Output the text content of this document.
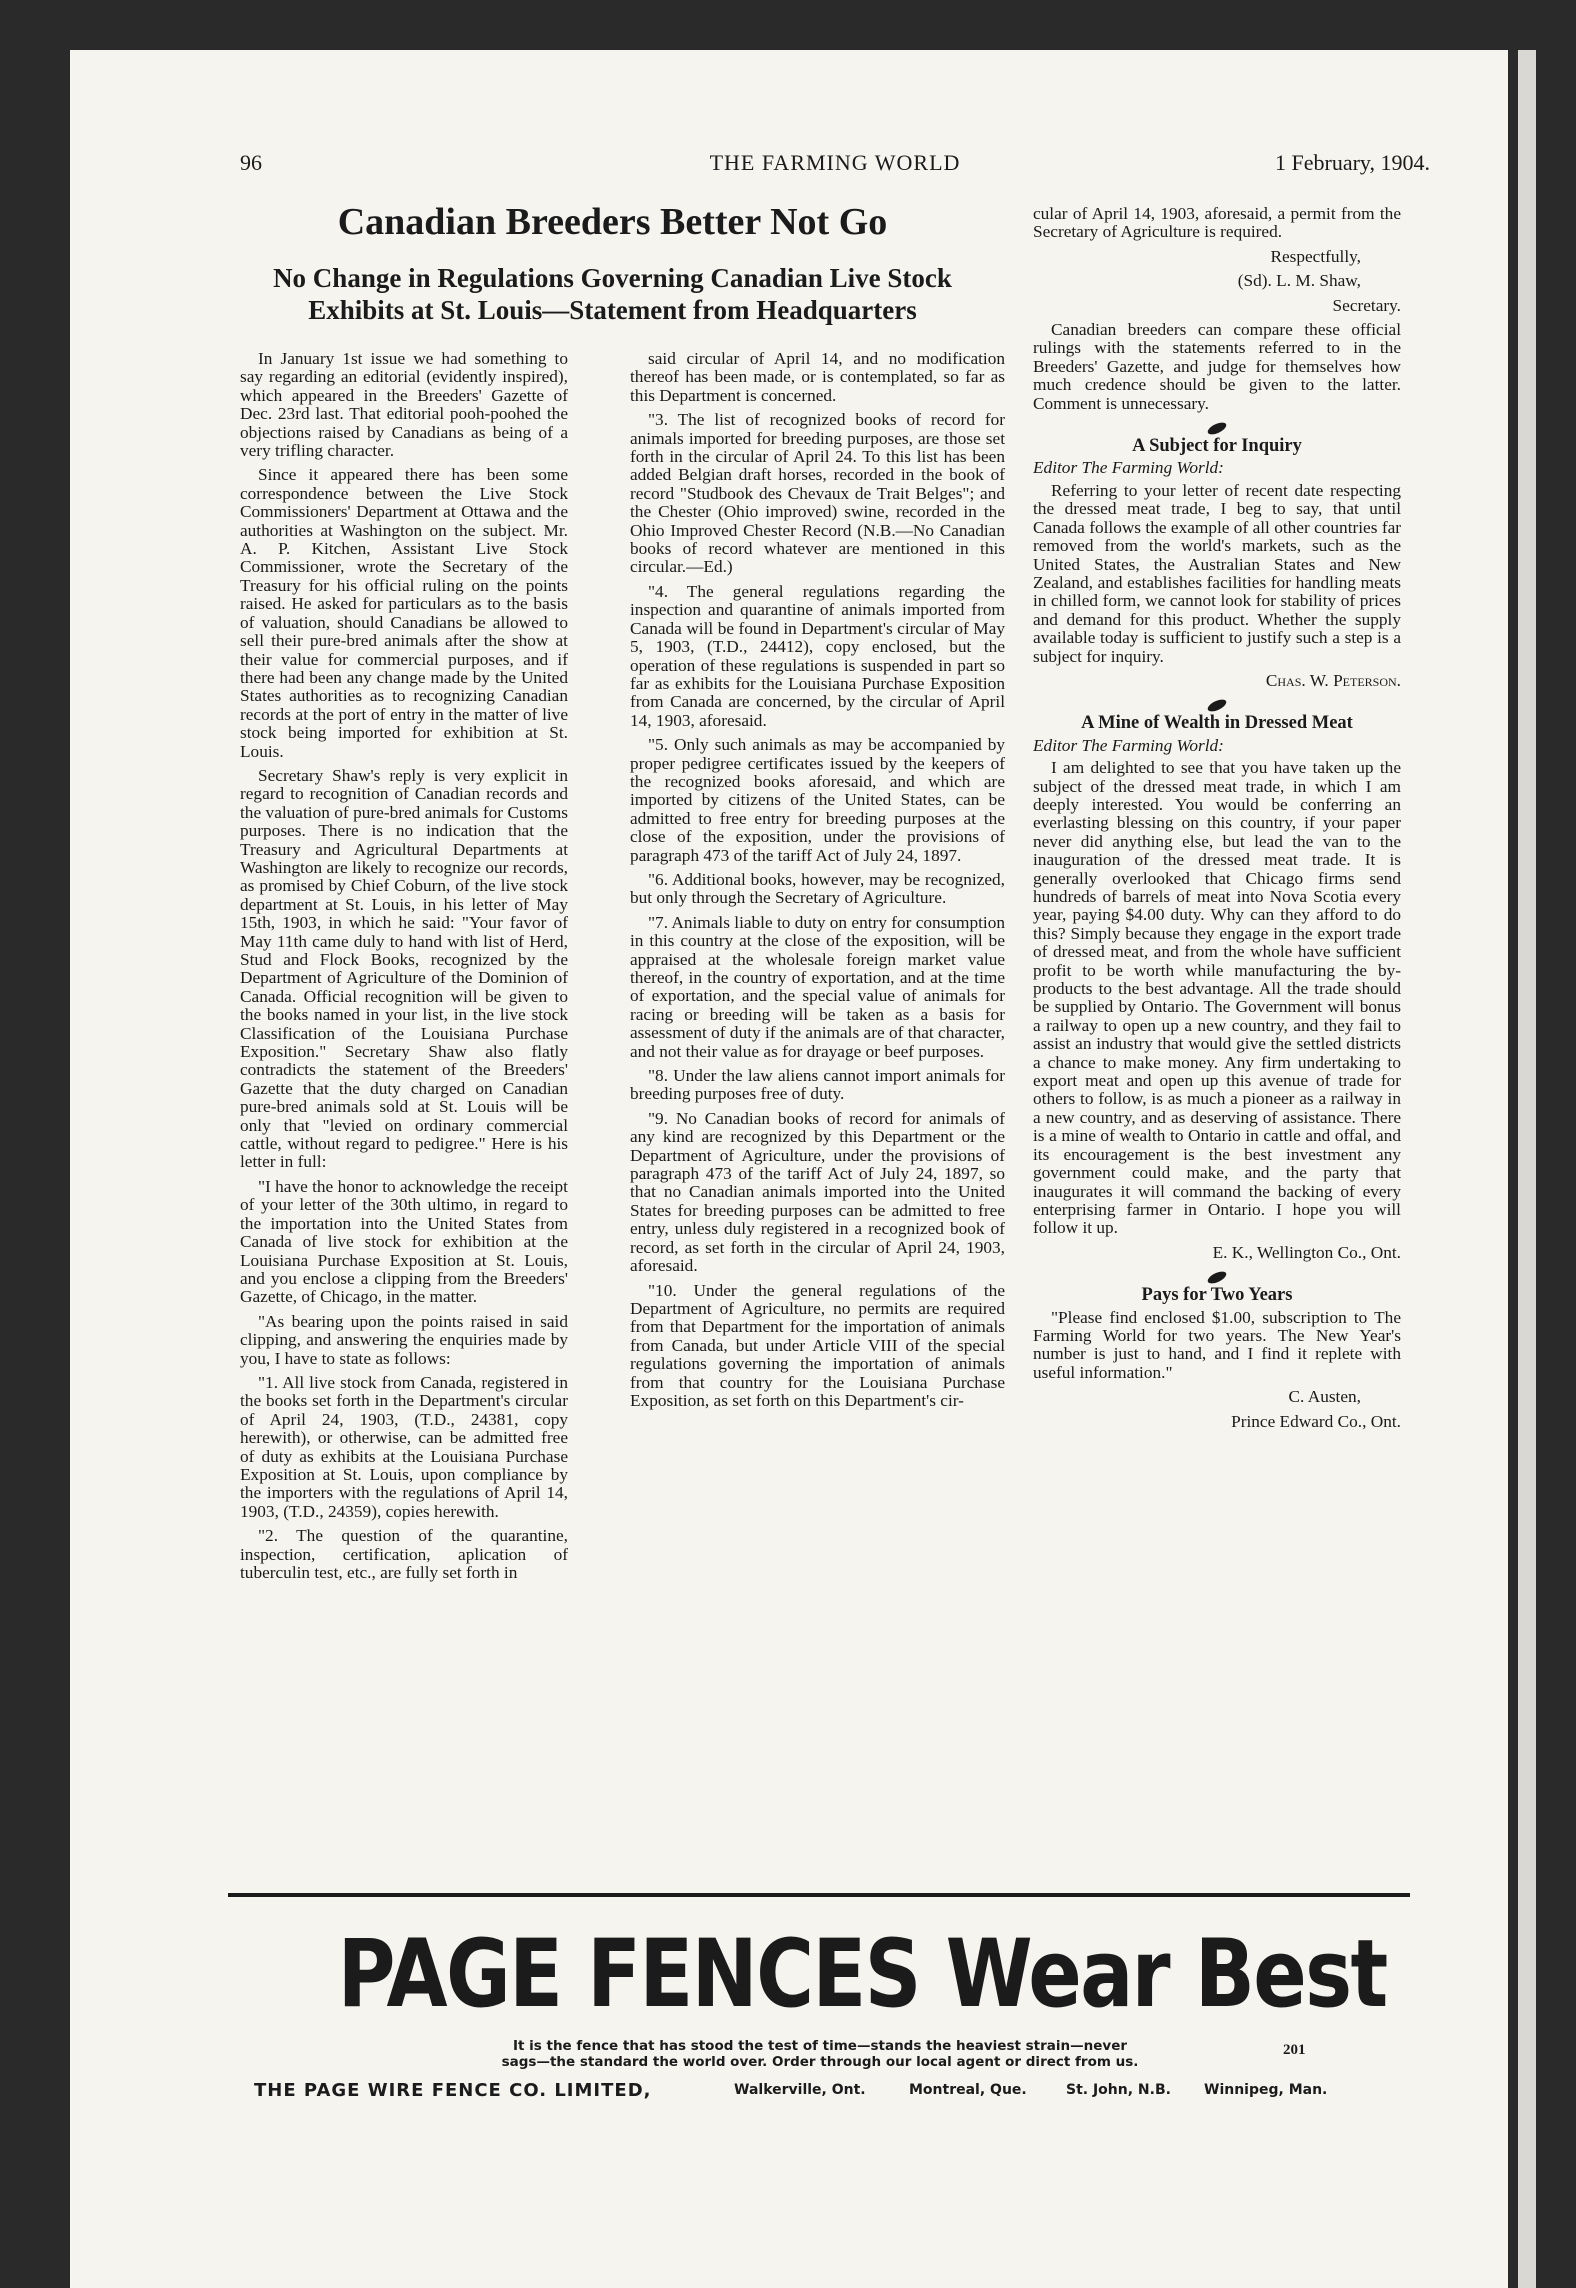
96	THE FARMING WORLD	1 February, 1904.
Canadian Breeders Better Not Go
No Change in Regulations Governing Canadian Live Stock Exhibits at St. Louis—Statement from Headquarters

In January 1st issue we had something to say regarding an editorial (evidently inspired), which appeared in the Breeders' Gazette of Dec. 23rd last. That editorial pooh-poohed the objections raised by Canadians as being of a very trifling character.

Since it appeared there has been some correspondence between the Live Stock Commissioners' Department at Ottawa and the authorities at Washington on the subject. Mr. A. P. Kitchen, Assistant Live Stock Commissioner, wrote the Secretary of the Treasury for his official ruling on the points raised. He asked for particulars as to the basis of valuation, should Canadians be allowed to sell their pure-bred animals after the show at their value for commercial purposes, and if there had been any change made by the United States authorities as to recognizing Canadian records at the port of entry in the matter of live stock being imported for exhibition at St. Louis.

Secretary Shaw's reply is very explicit in regard to recognition of Canadian records and the valuation of pure-bred animals for Customs purposes. There is no indication that the Treasury and Agricultural Departments at Washington are likely to recognize our records, as promised by Chief Coburn, of the live stock department at St. Louis, in his letter of May 15th, 1903, in which he said: "Your favor of May 11th came duly to hand with list of Herd, Stud and Flock Books, recognized by the Department of Agriculture of the Dominion of Canada. Official recognition will be given to the books named in your list, in the live stock Classification of the Louisiana Purchase Exposition." Secretary Shaw also flatly contradicts the statement of the Breeders' Gazette that the duty charged on Canadian pure-bred animals sold at St. Louis will be only that "levied on ordinary commercial cattle, without regard to pedigree." Here is his letter in full:

"I have the honor to acknowledge the receipt of your letter of the 30th ultimo, in regard to the importation into the United States from Canada of live stock for exhibition at the Louisiana Purchase Exposition at St. Louis, and you enclose a clipping from the Breeders' Gazette, of Chicago, in the matter.

"As bearing upon the points raised in said clipping, and answering the enquiries made by you, I have to state as follows:

"1. All live stock from Canada, registered in the books set forth in the Department's circular of April 24, 1903, (T.D., 24381, copy herewith), or otherwise, can be admitted free of duty as exhibits at the Louisiana Purchase Exposition at St. Louis, upon compliance by the importers with the regulations of April 14, 1903, (T.D., 24359), copies herewith.

"2. The question of the quarantine, inspection, certification, aplication of tuberculin test, etc., are fully set forth in

said circular of April 14, and no modification thereof has been made, or is contemplated, so far as this Department is concerned.

"3. The list of recognized books of record for animals imported for breeding purposes, are those set forth in the circular of April 24. To this list has been added Belgian draft horses, recorded in the book of record "Studbook des Chevaux de Trait Belges"; and the Chester (Ohio improved) swine, recorded in the Ohio Improved Chester Record (N.B.—No Canadian books of record whatever are mentioned in this circular.—Ed.)

"4. The general regulations regarding the inspection and quarantine of animals imported from Canada will be found in Department's circular of May 5, 1903, (T.D., 24412), copy enclosed, but the operation of these regulations is suspended in part so far as exhibits for the Louisiana Purchase Exposition from Canada are concerned, by the circular of April 14, 1903, aforesaid.

"5. Only such animals as may be accompanied by proper pedigree certificates issued by the keepers of the recognized books aforesaid, and which are imported by citizens of the United States, can be admitted to free entry for breeding purposes at the close of the exposition, under the provisions of paragraph 473 of the tariff Act of July 24, 1897.

"6. Additional books, however, may be recognized, but only through the Secretary of Agriculture.

"7. Animals liable to duty on entry for consumption in this country at the close of the exposition, will be appraised at the wholesale foreign market value thereof, in the country of exportation, and at the time of exportation, and the special value of animals for racing or breeding will be taken as a basis for assessment of duty if the animals are of that character, and not their value as for drayage or beef purposes.

"8. Under the law aliens cannot import animals for breeding purposes free of duty.

"9. No Canadian books of record for animals of any kind are recognized by this Department or the Department of Agriculture, under the provisions of paragraph 473 of the tariff Act of July 24, 1897, so that no Canadian animals imported into the United States for breeding purposes can be admitted to free entry, unless duly registered in a recognized book of record, as set forth in the circular of April 24, 1903, aforesaid.

"10. Under the general regulations of the Department of Agriculture, no permits are required from that Department for the importation of animals from Canada, but under Article VIII of the special regulations governing the importation of animals from that country for the Louisiana Purchase Exposition, as set forth on this Department's cir-

cular of April 14, 1903, aforesaid, a permit from the Secretary of Agriculture is required.

Respectfully,
(Sd). L. M. Shaw,
Secretary.

Canadian breeders can compare these official rulings with the statements referred to in the Breeders' Gazette, and judge for themselves how much credence should be given to the latter. Comment is unnecessary.

A Subject for Inquiry
Editor The Farming World:

Referring to your letter of recent date respecting the dressed meat trade, I beg to say, that until Canada follows the example of all other countries far removed from the world's markets, such as the United States, the Australian States and New Zealand, and establishes facilities for handling meats in chilled form, we cannot look for stability of prices and demand for this product. Whether the supply available today is sufficient to justify such a step is a subject for inquiry.

Chas. W. Peterson.
A Mine of Wealth in Dressed Meat
Editor The Farming World:

I am delighted to see that you have taken up the subject of the dressed meat trade, in which I am deeply interested. You would be conferring an everlasting blessing on this country, if your paper never did anything else, but lead the van to the inauguration of the dressed meat trade. It is generally overlooked that Chicago firms send hundreds of barrels of meat into Nova Scotia every year, paying $4.00 duty. Why can they afford to do this? Simply because they engage in the export trade of dressed meat, and from the whole have sufficient profit to be worth while manufacturing the by-products to the best advantage. All the trade should be supplied by Ontario. The Government will bonus a railway to open up a new country, and they fail to assist an industry that would give the settled districts a chance to make money. Any firm undertaking to export meat and open up this avenue of trade for others to follow, is as much a pioneer as a railway in a new country, and as deserving of assistance. There is a mine of wealth to Ontario in cattle and offal, and its encouragement is the best investment any government could make, and the party that inaugurates it will command the backing of every enterprising farmer in Ontario. I hope you will follow it up.

E. K., Wellington Co., Ont.
Pays for Two Years

"Please find enclosed $1.00, subscription to The Farming World for two years. The New Year's number is just to hand, and I find it replete with useful information."

C. Austen,
Prince Edward Co., Ont.
PAGE FENCES Wear Best
It is the fence that has stood the test of time—stands the heaviest strain—never
sags—the standard the world over. Order through our local agent or direct from us.
201
THE PAGE WIRE FENCE CO. LIMITED,	Walkerville, Ont.	Montreal, Que.	St. John, N.B. Winnipeg, Man.
